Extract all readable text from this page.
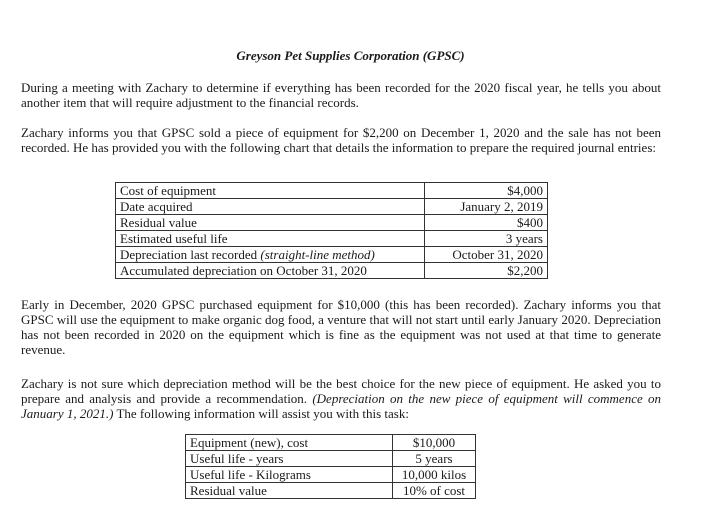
Greyson Pet Supplies Corporation (GPSC)

During a meeting with Zachary to determine if everything has been recorded for the 2020 fiscal year, he tells you about another item that will require adjustment to the financial records.

Zachary informs you that GPSC sold a piece of equipment for $2,200 on December 1, 2020 and the sale has not been recorded. He has provided you with the following chart that details the information to prepare the required journal entries:

Cost of equipment	$4,000
Date acquired	January 2, 2019
Residual value	$400
Estimated useful life	3 years
Depreciation last recorded (straight-line method)	October 31, 2020
Accumulated depreciation on October 31, 2020	$2,200

Early in December, 2020 GPSC purchased equipment for $10,000 (this has been recorded). Zachary informs you that GPSC will use the equipment to make organic dog food, a venture that will not start until early January 2020. Depreciation has not been recorded in 2020 on the equipment which is fine as the equipment was not used at that time to generate revenue.

Zachary is not sure which depreciation method will be the best choice for the new piece of equipment. He asked you to prepare and analysis and provide a recommendation. (Depreciation on the new piece of equipment will commence on January 1, 2021.) The following information will assist you with this task:

Equipment (new), cost	$10,000
Useful life - years	5 years
Useful life - Kilograms	10,000 kilos
Residual value	10% of cost
